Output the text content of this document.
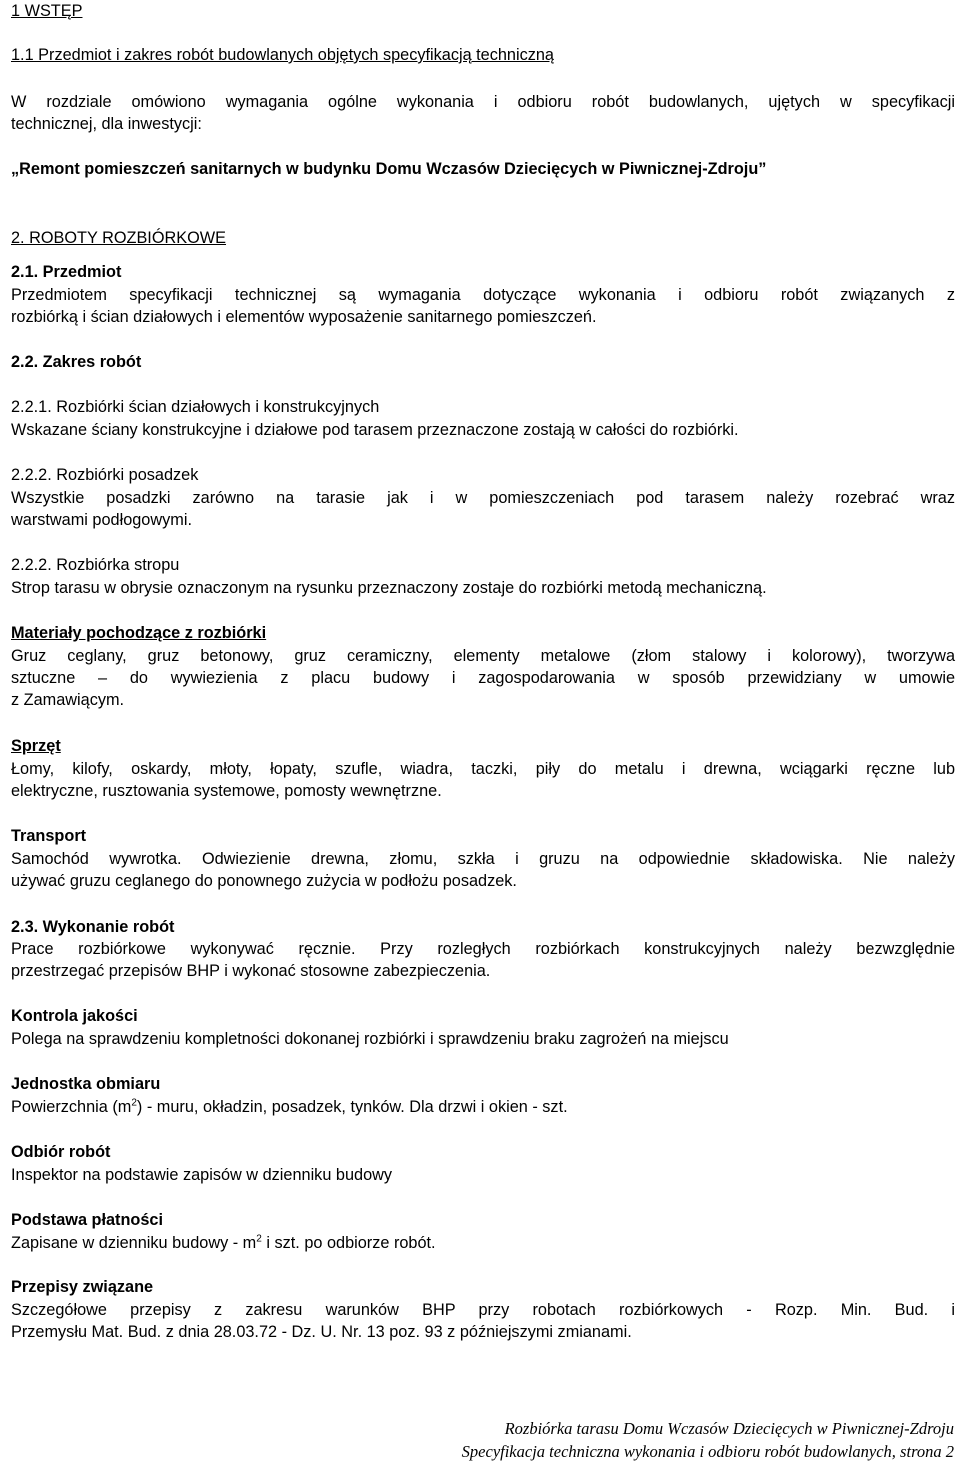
1 WSTĘP
1.1 Przedmiot i zakres robót budowlanych objętych specyfikacją techniczną
W rozdziale omówiono wymagania ogólne wykonania i odbioru robót budowlanych, ujętych w specyfikacji
technicznej, dla inwestycji:
„Remont pomieszczeń sanitarnych w budynku Domu Wczasów Dziecięcych w Piwnicznej-Zdroju”
2. ROBOTY ROZBIÓRKOWE
2.1. Przedmiot
Przedmiotem specyfikacji technicznej są wymagania dotyczące wykonania i odbioru robót związanych z
rozbiórką i ścian działowych i elementów wyposażenie sanitarnego pomieszczeń.
2.2. Zakres robót
2.2.1. Rozbiórki ścian działowych i konstrukcyjnych
Wskazane ściany konstrukcyjne i działowe pod tarasem przeznaczone zostają w całości do rozbiórki.
2.2.2. Rozbiórki posadzek
Wszystkie posadzki zarówno na tarasie jak i w pomieszczeniach pod tarasem należy rozebrać wraz
warstwami podłogowymi.
2.2.2. Rozbiórka stropu
Strop tarasu w obrysie oznaczonym na rysunku przeznaczony zostaje do rozbiórki metodą mechaniczną.
Materiały pochodzące z rozbiórki
Gruz ceglany, gruz betonowy, gruz ceramiczny, elementy metalowe (złom stalowy i kolorowy), tworzywa
sztuczne – do wywiezienia z placu budowy i zagospodarowania w sposób przewidziany w umowie
z Zamawiącym.
Sprzęt
Łomy, kilofy, oskardy, młoty, łopaty, szufle, wiadra, taczki, piły do metalu i drewna, wciągarki ręczne lub
elektryczne, rusztowania systemowe, pomosty wewnętrzne.
Transport
Samochód wywrotka. Odwiezienie drewna, złomu, szkła i gruzu na odpowiednie składowiska. Nie należy
używać gruzu ceglanego do ponownego zużycia w podłożu posadzek.
2.3. Wykonanie robót
Prace rozbiórkowe wykonywać ręcznie. Przy rozległych rozbiórkach konstrukcyjnych należy bezwzględnie
przestrzegać przepisów BHP i wykonać stosowne zabezpieczenia.
Kontrola jakości
Polega na sprawdzeniu kompletności dokonanej rozbiórki i sprawdzeniu braku zagrożeń na miejscu
Jednostka obmiaru
Powierzchnia $(m^2)$ - muru, okładzin, posadzek, tynków. Dla drzwi i okien - szt.
Odbiór robót
Inspektor na podstawie zapisów w dzienniku budowy
Podstawa płatności
Zapisane w dzienniku budowy - $m^2$ i szt. po odbiorze robót.
Przepisy związane
Szczegółowe przepisy z zakresu warunków BHP przy robotach rozbiórkowych - Rozp. Min. Bud. i
Przemysłu Mat. Bud. z dnia 28.03.72 - Dz. U. Nr. 13 poz. 93 z późniejszymi zmianami.
Rozbiórka tarasu Domu Wczasów Dziecięcych w Piwnicznej-Zdroju
Specyfikacja techniczna wykonania i odbioru robót budowlanych, strona 2
